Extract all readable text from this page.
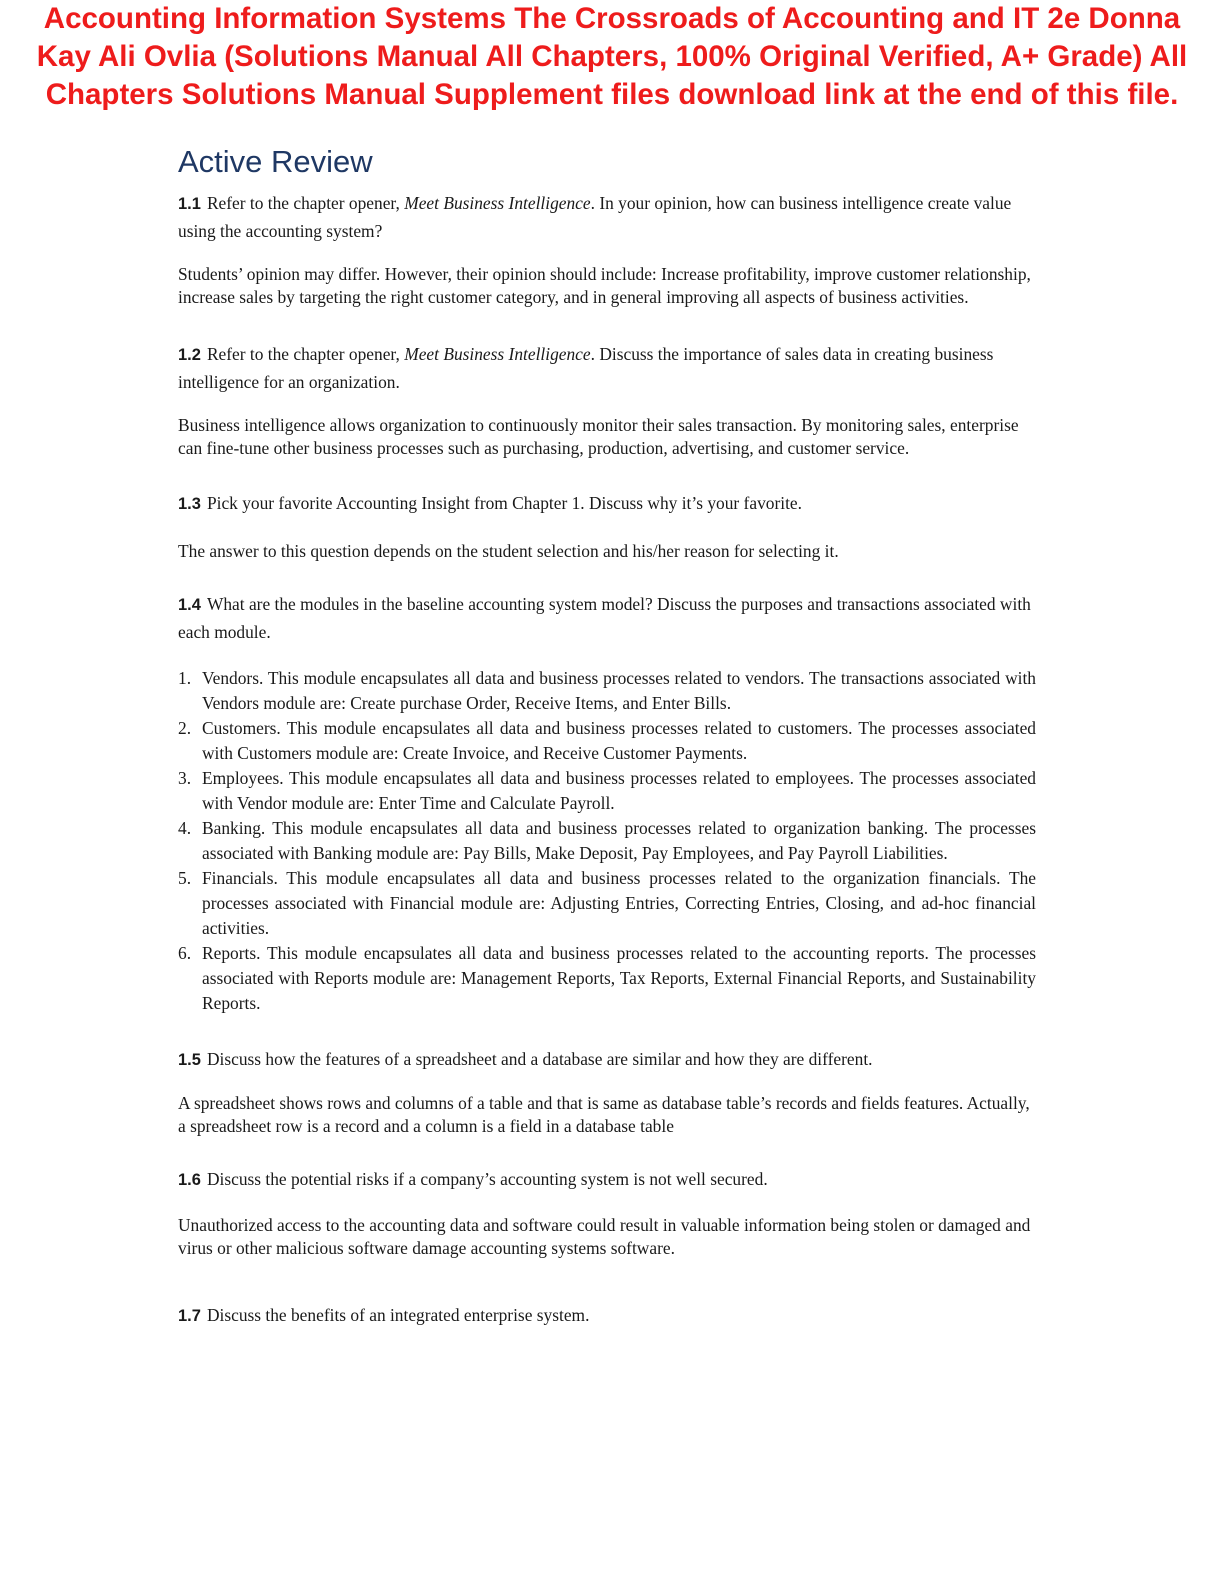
Accounting Information Systems The Crossroads of Accounting and IT 2e Donna Kay Ali Ovlia (Solutions Manual All Chapters, 100% Original Verified, A+ Grade) All Chapters Solutions Manual Supplement files download link at the end of this file.
Active Review

1.1 Refer to the chapter opener, Meet Business Intelligence. In your opinion, how can business intelligence create value using the accounting system?

Students’ opinion may differ. However, their opinion should include: Increase profitability, improve customer relationship, increase sales by targeting the right customer category, and in general improving all aspects of business activities.

1.2 Refer to the chapter opener, Meet Business Intelligence. Discuss the importance of sales data in creating business intelligence for an organization.

Business intelligence allows organization to continuously monitor their sales transaction. By monitoring sales, enterprise can fine-tune other business processes such as purchasing, production, advertising, and customer service.

1.3 Pick your favorite Accounting Insight from Chapter 1. Discuss why it’s your favorite.

The answer to this question depends on the student selection and his/her reason for selecting it.

1.4 What are the modules in the baseline accounting system model? Discuss the purposes and transactions associated with each module.

1. Vendors. This module encapsulates all data and business processes related to vendors. The transactions associated with Vendors module are: Create purchase Order, Receive Items, and Enter Bills.
2. Customers. This module encapsulates all data and business processes related to customers. The processes associated with Customers module are: Create Invoice, and Receive Customer Payments.
3. Employees. This module encapsulates all data and business processes related to employees. The processes associated with Vendor module are: Enter Time and Calculate Payroll.
4. Banking. This module encapsulates all data and business processes related to organization banking. The processes associated with Banking module are: Pay Bills, Make Deposit, Pay Employees, and Pay Payroll Liabilities.
5. Financials. This module encapsulates all data and business processes related to the organization financials. The processes associated with Financial module are: Adjusting Entries, Correcting Entries, Closing, and ad-hoc financial activities.
6. Reports. This module encapsulates all data and business processes related to the accounting reports. The processes associated with Reports module are: Management Reports, Tax Reports, External Financial Reports, and Sustainability Reports.

1.5 Discuss how the features of a spreadsheet and a database are similar and how they are different.

A spreadsheet shows rows and columns of a table and that is same as database table’s records and fields features. Actually, a spreadsheet row is a record and a column is a field in a database table

1.6 Discuss the potential risks if a company’s accounting system is not well secured.

Unauthorized access to the accounting data and software could result in valuable information being stolen or damaged and virus or other malicious software damage accounting systems software.

1.7 Discuss the benefits of an integrated enterprise system.
